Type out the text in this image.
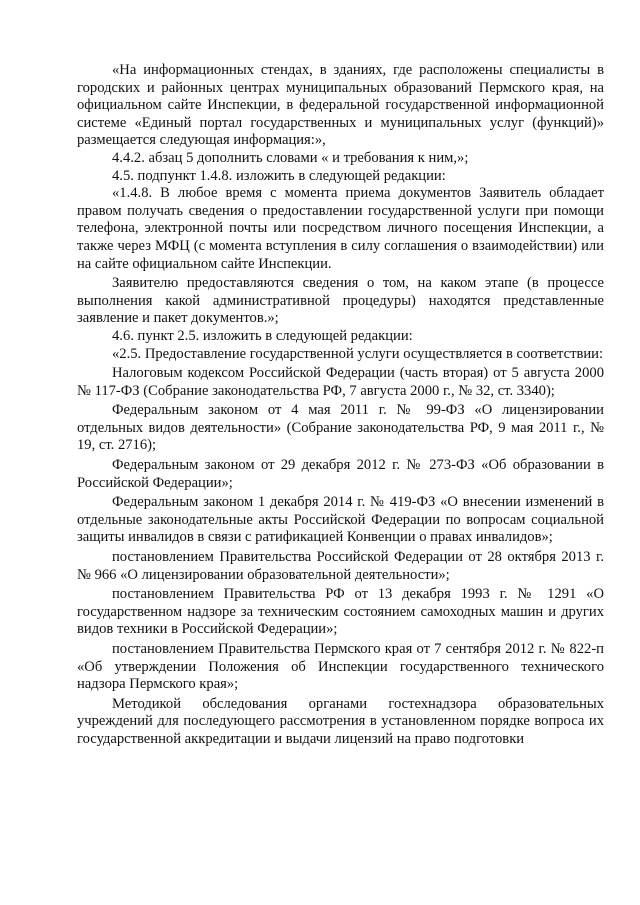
«На информационных стендах, в зданиях, где расположены специалисты в городских и районных центрах муниципальных образований Пермского края, на официальном сайте Инспекции, в федеральной государственной информационной системе «Единый портал государственных и муниципальных услуг (функций)» размещается следующая информация:»,

4.4.2. абзац 5 дополнить словами « и требования к ним,»;

4.5. подпункт 1.4.8. изложить в следующей редакции:

«1.4.8. В любое время с момента приема документов Заявитель обладает правом получать сведения о предоставлении государственной услуги при помощи телефона, электронной почты или посредством личного посещения Инспекции, а также через МФЦ (с момента вступления в силу соглашения о взаимодействии) или на сайте официальном сайте Инспекции.

Заявителю предоставляются сведения о том, на каком этапе (в процессе выполнения какой административной процедуры) находятся представленные заявление и пакет документов.»;

4.6. пункт 2.5. изложить в следующей редакции:

«2.5. Предоставление государственной услуги осуществляется в соответствии:

Налоговым кодексом Российской Федерации (часть вторая) от 5 августа 2000 № 117-ФЗ (Собрание законодательства РФ, 7 августа 2000 г., № 32, ст. 3340);

Федеральным законом от 4 мая 2011 г. № 99-ФЗ «О лицензировании отдельных видов деятельности» (Собрание законодательства РФ, 9 мая 2011 г., № 19, ст. 2716);

Федеральным законом от 29 декабря 2012 г. № 273-ФЗ «Об образовании в Российской Федерации»;

Федеральным законом 1 декабря 2014 г. № 419-ФЗ «О внесении изменений в отдельные законодательные акты Российской Федерации по вопросам социальной защиты инвалидов в связи с ратификацией Конвенции о правах инвалидов»;

постановлением Правительства Российской Федерации от 28 октября 2013 г. № 966 «О лицензировании образовательной деятельности»;

постановлением Правительства РФ от 13 декабря 1993 г. № 1291 «О государственном надзоре за техническим состоянием самоходных машин и других видов техники в Российской Федерации»;

постановлением Правительства Пермского края от 7 сентября 2012 г. № 822-п «Об утверждении Положения об Инспекции государственного технического надзора Пермского края»;

Методикой обследования органами гостехнадзора образовательных учреждений для последующего рассмотрения в установленном порядке вопроса их государственной аккредитации и выдачи лицензий на право подготовки
